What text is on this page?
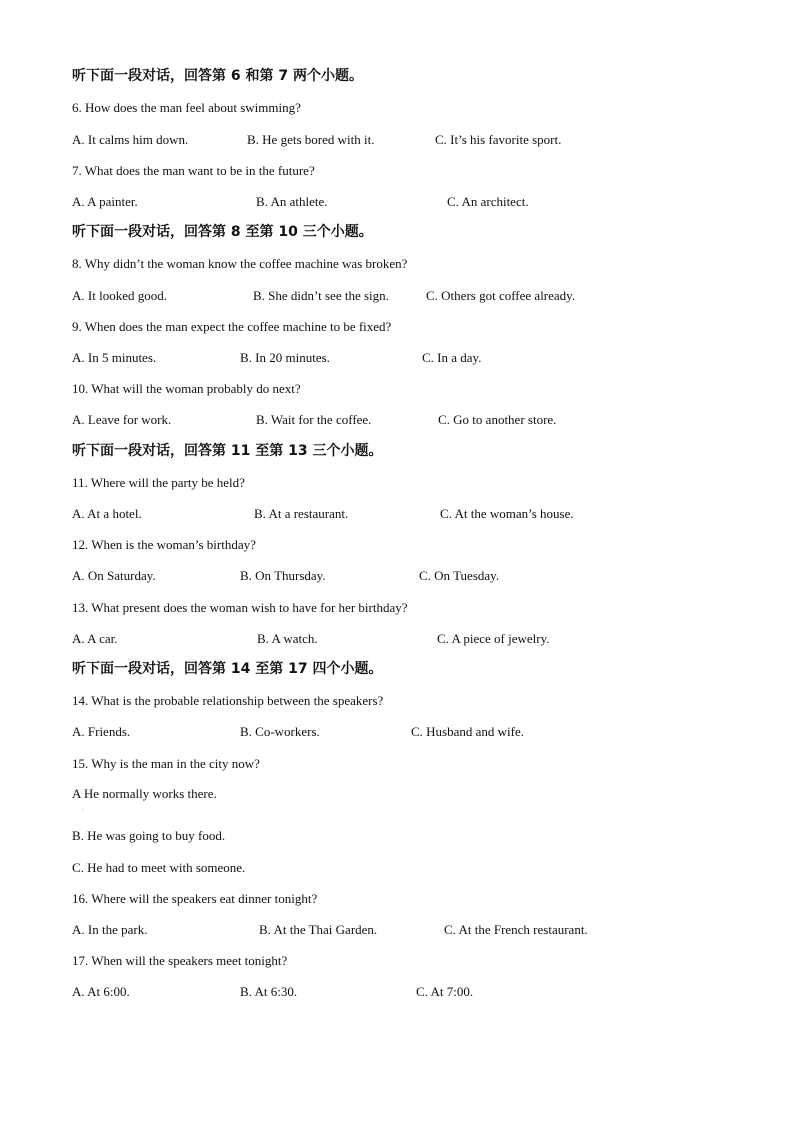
听下面一段对话，回答第 6 和第 7 两个小题。
6. How does the man feel about swimming?
A. It calms him down.	B. He gets bored with it.	C. It’s his favorite sport.
7. What does the man want to be in the future?
A. A painter.	B. An athlete.	C. An architect.
听下面一段对话，回答第 8 至第 10 三个小题。
8. Why didn’t the woman know the coffee machine was broken?
A. It looked good.	B. She didn’t see the sign.	C. Others got coffee already.
9. When does the man expect the coffee machine to be fixed?
A. In 5 minutes.	B. In 20 minutes.	C. In a day.
10. What will the woman probably do next?
A. Leave for work.	B. Wait for the coffee.	C. Go to another store.
听下面一段对话，回答第 11 至第 13 三个小题。
11. Where will the party be held?
A. At a hotel.	B. At a restaurant.	C. At the woman’s house.
12. When is the woman’s birthday?
A. On Saturday.	B. On Thursday.	C. On Tuesday.
13. What present does the woman wish to have for her birthday?
A. A car.	B. A watch.	C. A piece of jewelry.
听下面一段对话，回答第 14 至第 17 四个小题。
14. What is the probable relationship between the speakers?
A. Friends.	B. Co-workers.	C. Husband and wife.
15. Why is the man in the city now?
A He normally works there.
.
B. He was going to buy food.
C. He had to meet with someone.
16. Where will the speakers eat dinner tonight?
A. In the park.	B. At the Thai Garden.	C. At the French restaurant.
17. When will the speakers meet tonight?
A. At 6:00.	B. At 6:30.	C. At 7:00.
